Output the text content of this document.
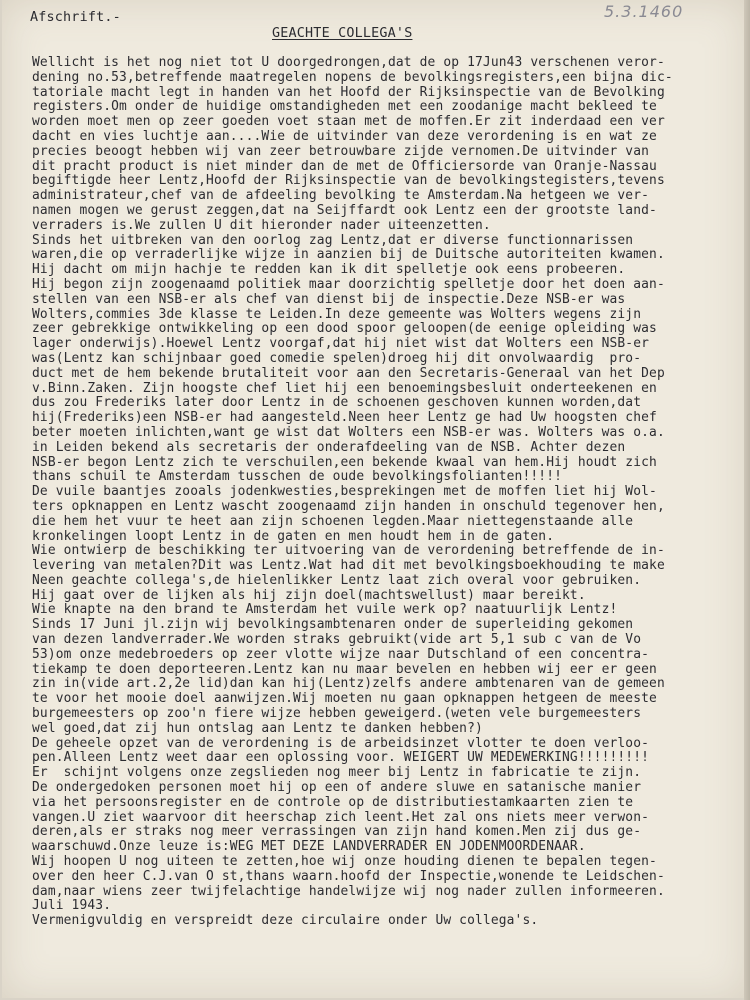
Afschrift.-	5.3.1460
GEACHTE COLLEGA'S
Wellicht is het nog niet tot U doorgedrongen,dat de op 17Jun43 verschenen veror-
dening no.53,betreffende maatregelen nopens de bevolkingsregisters,een bijna dic-
tatoriale macht legt in handen van het Hoofd der Rijksinspectie van de Bevolking
registers.Om onder de huidige omstandigheden met een zoodanige macht bekleed te
worden moet men op zeer goeden voet staan met de moffen.Er zit inderdaad een ver
dacht en vies luchtje aan....Wie de uitvinder van deze verordening is en wat ze
precies beoogt hebben wij van zeer betrouwbare zijde vernomen.De uitvinder van
dit pracht product is niet minder dan de met de Officiersorde van Oranje-Nassau
begiftigde heer Lentz,Hoofd der Rijksinspectie van de bevolkingstegisters,tevens
administrateur,chef van de afdeeling bevolking te Amsterdam.Na hetgeen we ver-
namen mogen we gerust zeggen,dat na Seijffardt ook Lentz een der grootste land-
verraders is.We zullen U dit hieronder nader uiteenzetten.
Sinds het uitbreken van den oorlog zag Lentz,dat er diverse functionnarissen
waren,die op verraderlijke wijze in aanzien bij de Duitsche autoriteiten kwamen.
Hij dacht om mijn hachje te redden kan ik dit spelletje ook eens probeeren.
Hij begon zijn zoogenaamd politiek maar doorzichtig spelletje door het doen aan-
stellen van een NSB-er als chef van dienst bij de inspectie.Deze NSB-er was
Wolters,commies 3de klasse te Leiden.In deze gemeente was Wolters wegens zijn
zeer gebrekkige ontwikkeling op een dood spoor geloopen(de eenige opleiding was
lager onderwijs).Hoewel Lentz voorgaf,dat hij niet wist dat Wolters een NSB-er
was(Lentz kan schijnbaar goed comedie spelen)droeg hij dit onvolwaardig  pro-
duct met de hem bekende brutaliteit voor aan den Secretaris-Generaal van het Dep
v.Binn.Zaken. Zijn hoogste chef liet hij een benoemingsbesluit onderteekenen en
dus zou Frederiks later door Lentz in de schoenen geschoven kunnen worden,dat
hij(Frederiks)een NSB-er had aangesteld.Neen heer Lentz ge had Uw hoogsten chef
beter moeten inlichten,want ge wist dat Wolters een NSB-er was. Wolters was o.a.
in Leiden bekend als secretaris der onderafdeeling van de NSB. Achter dezen
NSB-er begon Lentz zich te verschuilen,een bekende kwaal van hem.Hij houdt zich
thans schuil te Amsterdam tusschen de oude bevolkingsfolianten!!!!!
De vuile baantjes zooals jodenkwesties,besprekingen met de moffen liet hij Wol-
ters opknappen en Lentz wascht zoogenaamd zijn handen in onschuld tegenover hen,
die hem het vuur te heet aan zijn schoenen legden.Maar niettegenstaande alle
kronkelingen loopt Lentz in de gaten en men houdt hem in de gaten.
Wie ontwierp de beschikking ter uitvoering van de verordening betreffende de in-
levering van metalen?Dit was Lentz.Wat had dit met bevolkingsboekhouding te make
Neen geachte collega's,de hielenlikker Lentz laat zich overal voor gebruiken.
Hij gaat over de lijken als hij zijn doel(machtswellust) maar bereikt.
Wie knapte na den brand te Amsterdam het vuile werk op? naatuurlijk Lentz!
Sinds 17 Juni jl.zijn wij bevolkingsambtenaren onder de superleiding gekomen
van dezen landverrader.We worden straks gebruikt(vide art 5,1 sub c van de Vo
53)om onze medebroeders op zeer vlotte wijze naar Dutschland of een concentra-
tiekamp te doen deporteeren.Lentz kan nu maar bevelen en hebben wij eer er geen
zin in(vide art.2,2e lid)dan kan hij(Lentz)zelfs andere ambtenaren van de gemeen
te voor het mooie doel aanwijzen.Wij moeten nu gaan opknappen hetgeen de meeste
burgemeesters op zoo'n fiere wijze hebben geweigerd.(weten vele burgemeesters
wel goed,dat zij hun ontslag aan Lentz te danken hebben?)
De geheele opzet van de verordening is de arbeidsinzet vlotter te doen verloo-
pen.Alleen Lentz weet daar een oplossing voor. WEIGERT UW MEDEWERKING!!!!!!!!!
Er  schijnt volgens onze zegslieden nog meer bij Lentz in fabricatie te zijn.
De ondergedoken personen moet hij op een of andere sluwe en satanische manier
via het persoonsregister en de controle op de distributiestamkaarten zien te
vangen.U ziet waarvoor dit heerschap zich leent.Het zal ons niets meer verwon-
deren,als er straks nog meer verrassingen van zijn hand komen.Men zij dus ge-
waarschuwd.Onze leuze is:WEG MET DEZE LANDVERRADER EN JODENMOORDENAAR.
Wij hoopen U nog uiteen te zetten,hoe wij onze houding dienen te bepalen tegen-
over den heer C.J.van O st,thans waarn.hoofd der Inspectie,wonende te Leidschen-
dam,naar wiens zeer twijfelachtige handelwijze wij nog nader zullen informeeren.
Juli 1943.
Vermenigvuldig en verspreidt deze circulaire onder Uw collega's.
